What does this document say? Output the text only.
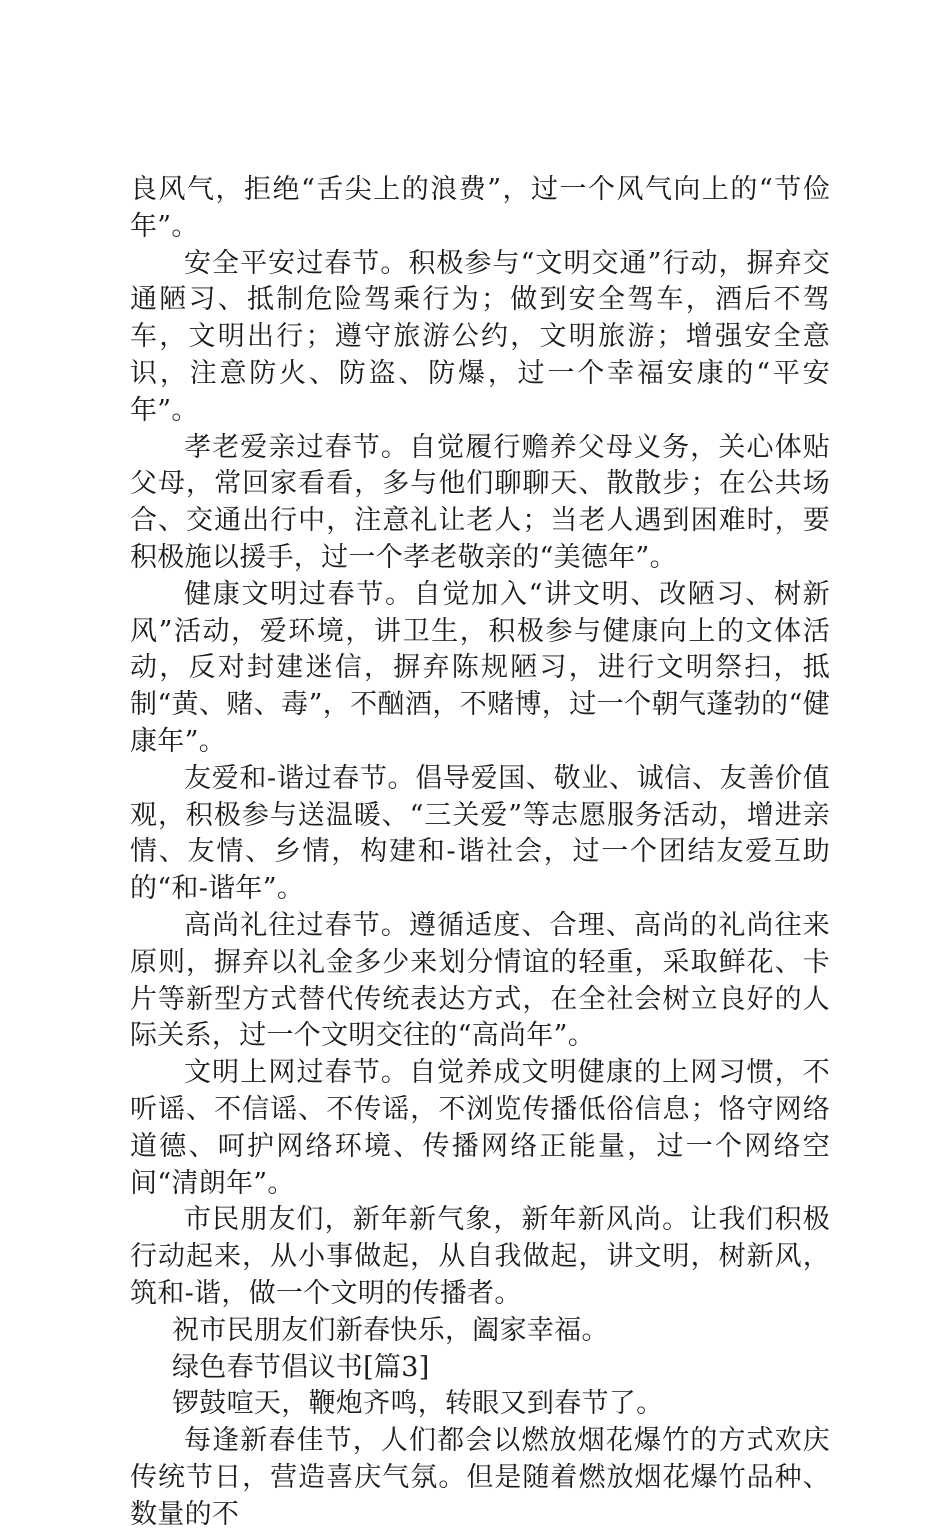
良风气，拒绝“舌尖上的浪费”，过一个风气向上的“节俭年”。

安全平安过春节。积极参与“文明交通”行动，摒弃交通陋习、抵制危险驾乘行为；做到安全驾车，酒后不驾车，文明出行；遵守旅游公约，文明旅游；增强安全意识，注意防火、防盗、防爆，过一个幸福安康的“平安年”。

孝老爱亲过春节。自觉履行赡养父母义务，关心体贴父母，常回家看看，多与他们聊聊天、散散步；在公共场合、交通出行中，注意礼让老人；当老人遇到困难时，要积极施以援手，过一个孝老敬亲的“美德年”。

健康文明过春节。自觉加入“讲文明、改陋习、树新风”活动，爱环境，讲卫生，积极参与健康向上的文体活动，反对封建迷信，摒弃陈规陋习，进行文明祭扫，抵制“黄、赌、毒”，不酗酒，不赌博，过一个朝气蓬勃的“健康年”。

友爱和-谐过春节。倡导爱国、敬业、诚信、友善价值观，积极参与送温暖、“三关爱”等志愿服务活动，增进亲情、友情、乡情，构建和-谐社会，过一个团结友爱互助的“和-谐年”。

高尚礼往过春节。遵循适度、合理、高尚的礼尚往来原则，摒弃以礼金多少来划分情谊的轻重，采取鲜花、卡片等新型方式替代传统表达方式，在全社会树立良好的人际关系，过一个文明交往的“高尚年”。

文明上网过春节。自觉养成文明健康的上网习惯，不听谣、不信谣、不传谣，不浏览传播低俗信息；恪守网络道德、呵护网络环境、传播网络正能量，过一个网络空间“清朗年”。

市民朋友们，新年新气象，新年新风尚。让我们积极行动起来，从小事做起，从自我做起，讲文明，树新风，筑和-谐，做一个文明的传播者。

祝市民朋友们新春快乐，阖家幸福。

绿色春节倡议书[篇3]

锣鼓喧天，鞭炮齐鸣，转眼又到春节了。

每逢新春佳节，人们都会以燃放烟花爆竹的方式欢庆传统节日，营造喜庆气氛。但是随着燃放烟花爆竹品种、数量的不
